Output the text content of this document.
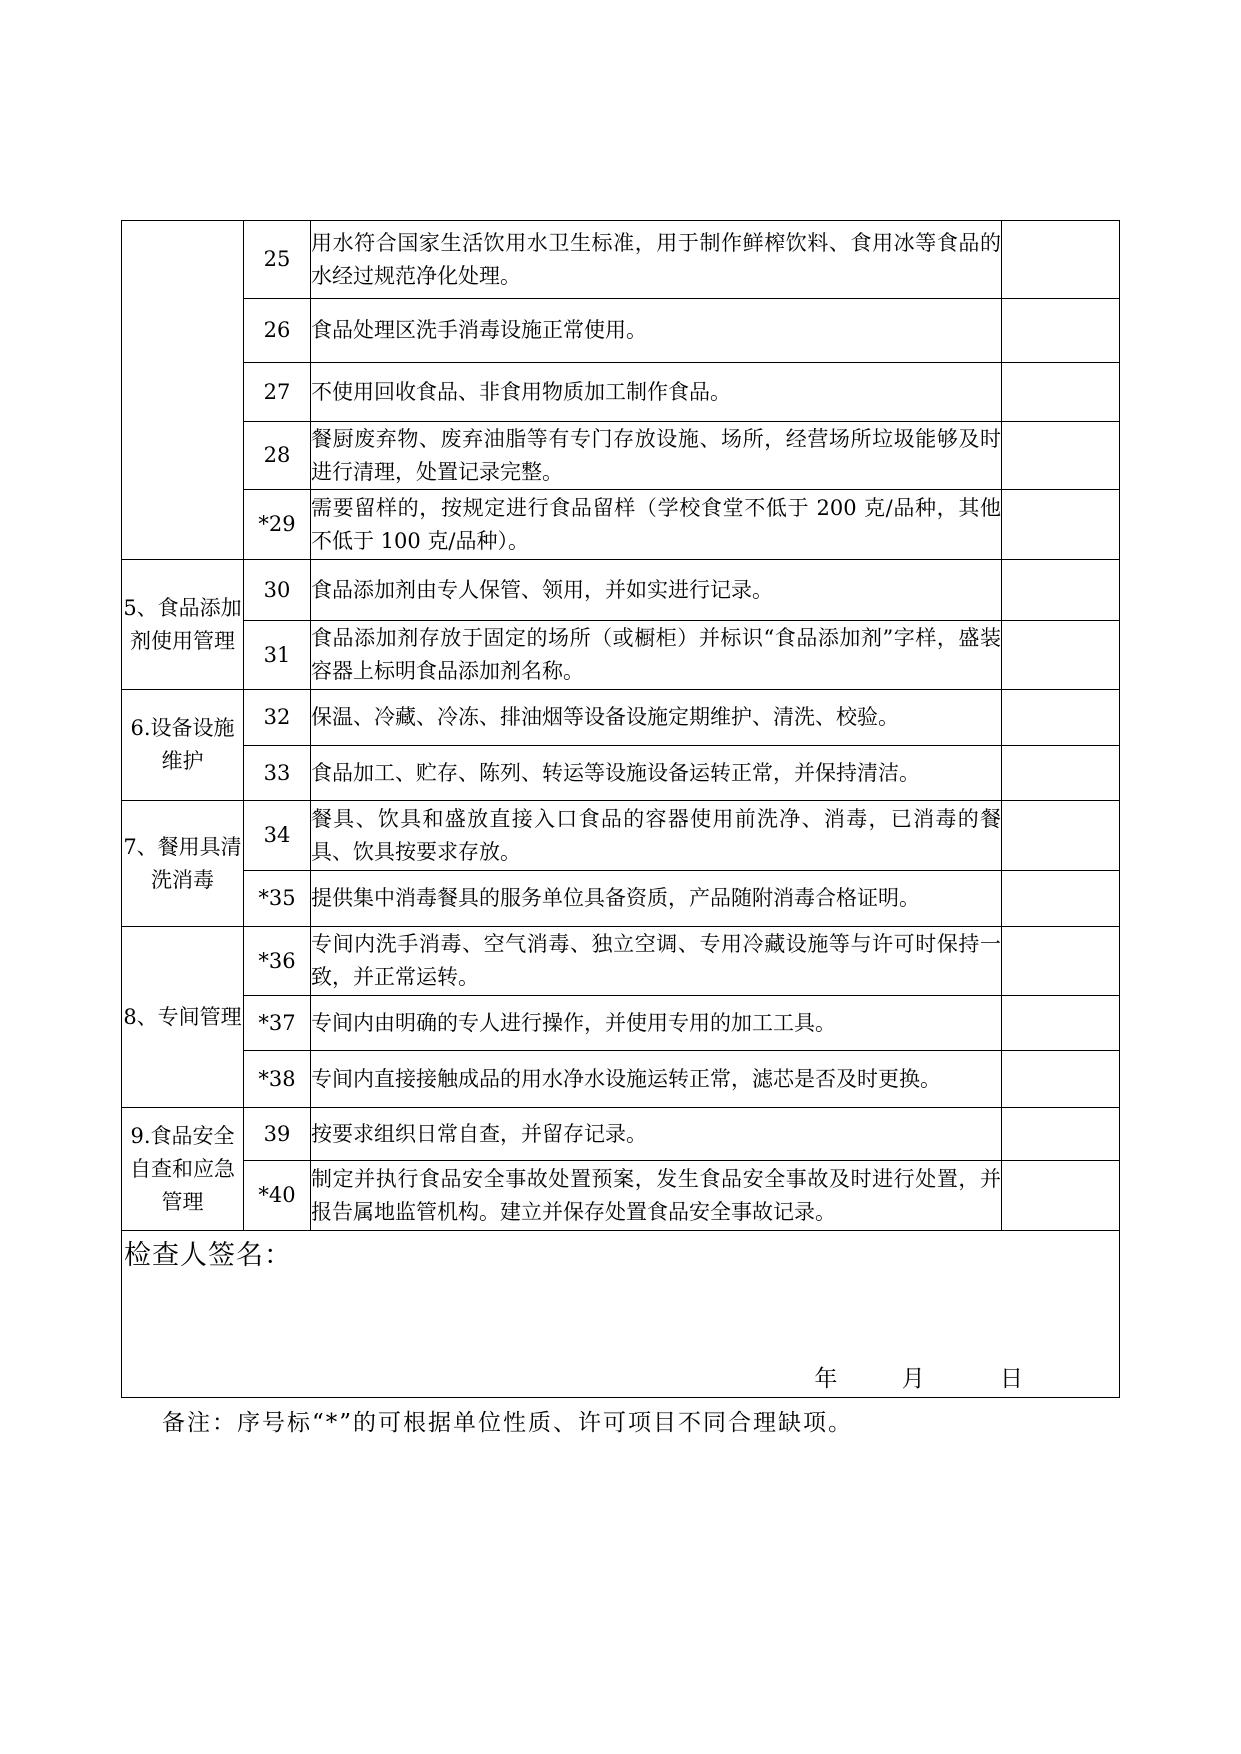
	25	用水符合国家生活饮用水卫生标准，用于制作鲜榨饮料、食用冰等食品的水经过规范净化处理。	
	26	食品处理区洗手消毒设施正常使用。	
	27	不使用回收食品、非食用物质加工制作食品。	
	28	餐厨废弃物、废弃油脂等有专门存放设施、场所，经营场所垃圾能够及时进行清理，处置记录完整。	
	*29	需要留样的，按规定进行食品留样（学校食堂不低于 200 克/品种，其他不低于 100 克/品种）。	
5、食品添加剂使用管理	30	食品添加剂由专人保管、领用，并如实进行记录。	
	31	食品添加剂存放于固定的场所（或橱柜）并标识“食品添加剂”字样，盛装容器上标明食品添加剂名称。	
6.设备设施维护	32	保温、冷藏、冷冻、排油烟等设备设施定期维护、清洗、校验。	
	33	食品加工、贮存、陈列、转运等设施设备运转正常，并保持清洁。	
7、餐用具清洗消毒	34	餐具、饮具和盛放直接入口食品的容器使用前洗净、消毒，已消毒的餐具、饮具按要求存放。	
	*35	提供集中消毒餐具的服务单位具备资质，产品随附消毒合格证明。	
8、专间管理	*36	专间内洗手消毒、空气消毒、独立空调、专用冷藏设施等与许可时保持一致，并正常运转。	
	*37	专间内由明确的专人进行操作，并使用专用的加工工具。	
	*38	专间内直接接触成品的用水净水设施运转正常，滤芯是否及时更换。	
9.食品安全自查和应急管理	39	按要求组织日常自查，并留存记录。	
	*40	制定并执行食品安全事故处置预案，发生食品安全事故及时进行处置，并报告属地监管机构。建立并保存处置食品安全事故记录。	

检查人签名：
年 月 日			
备注：序号标“*”的可根据单位性质、许可项目不同合理缺项。
